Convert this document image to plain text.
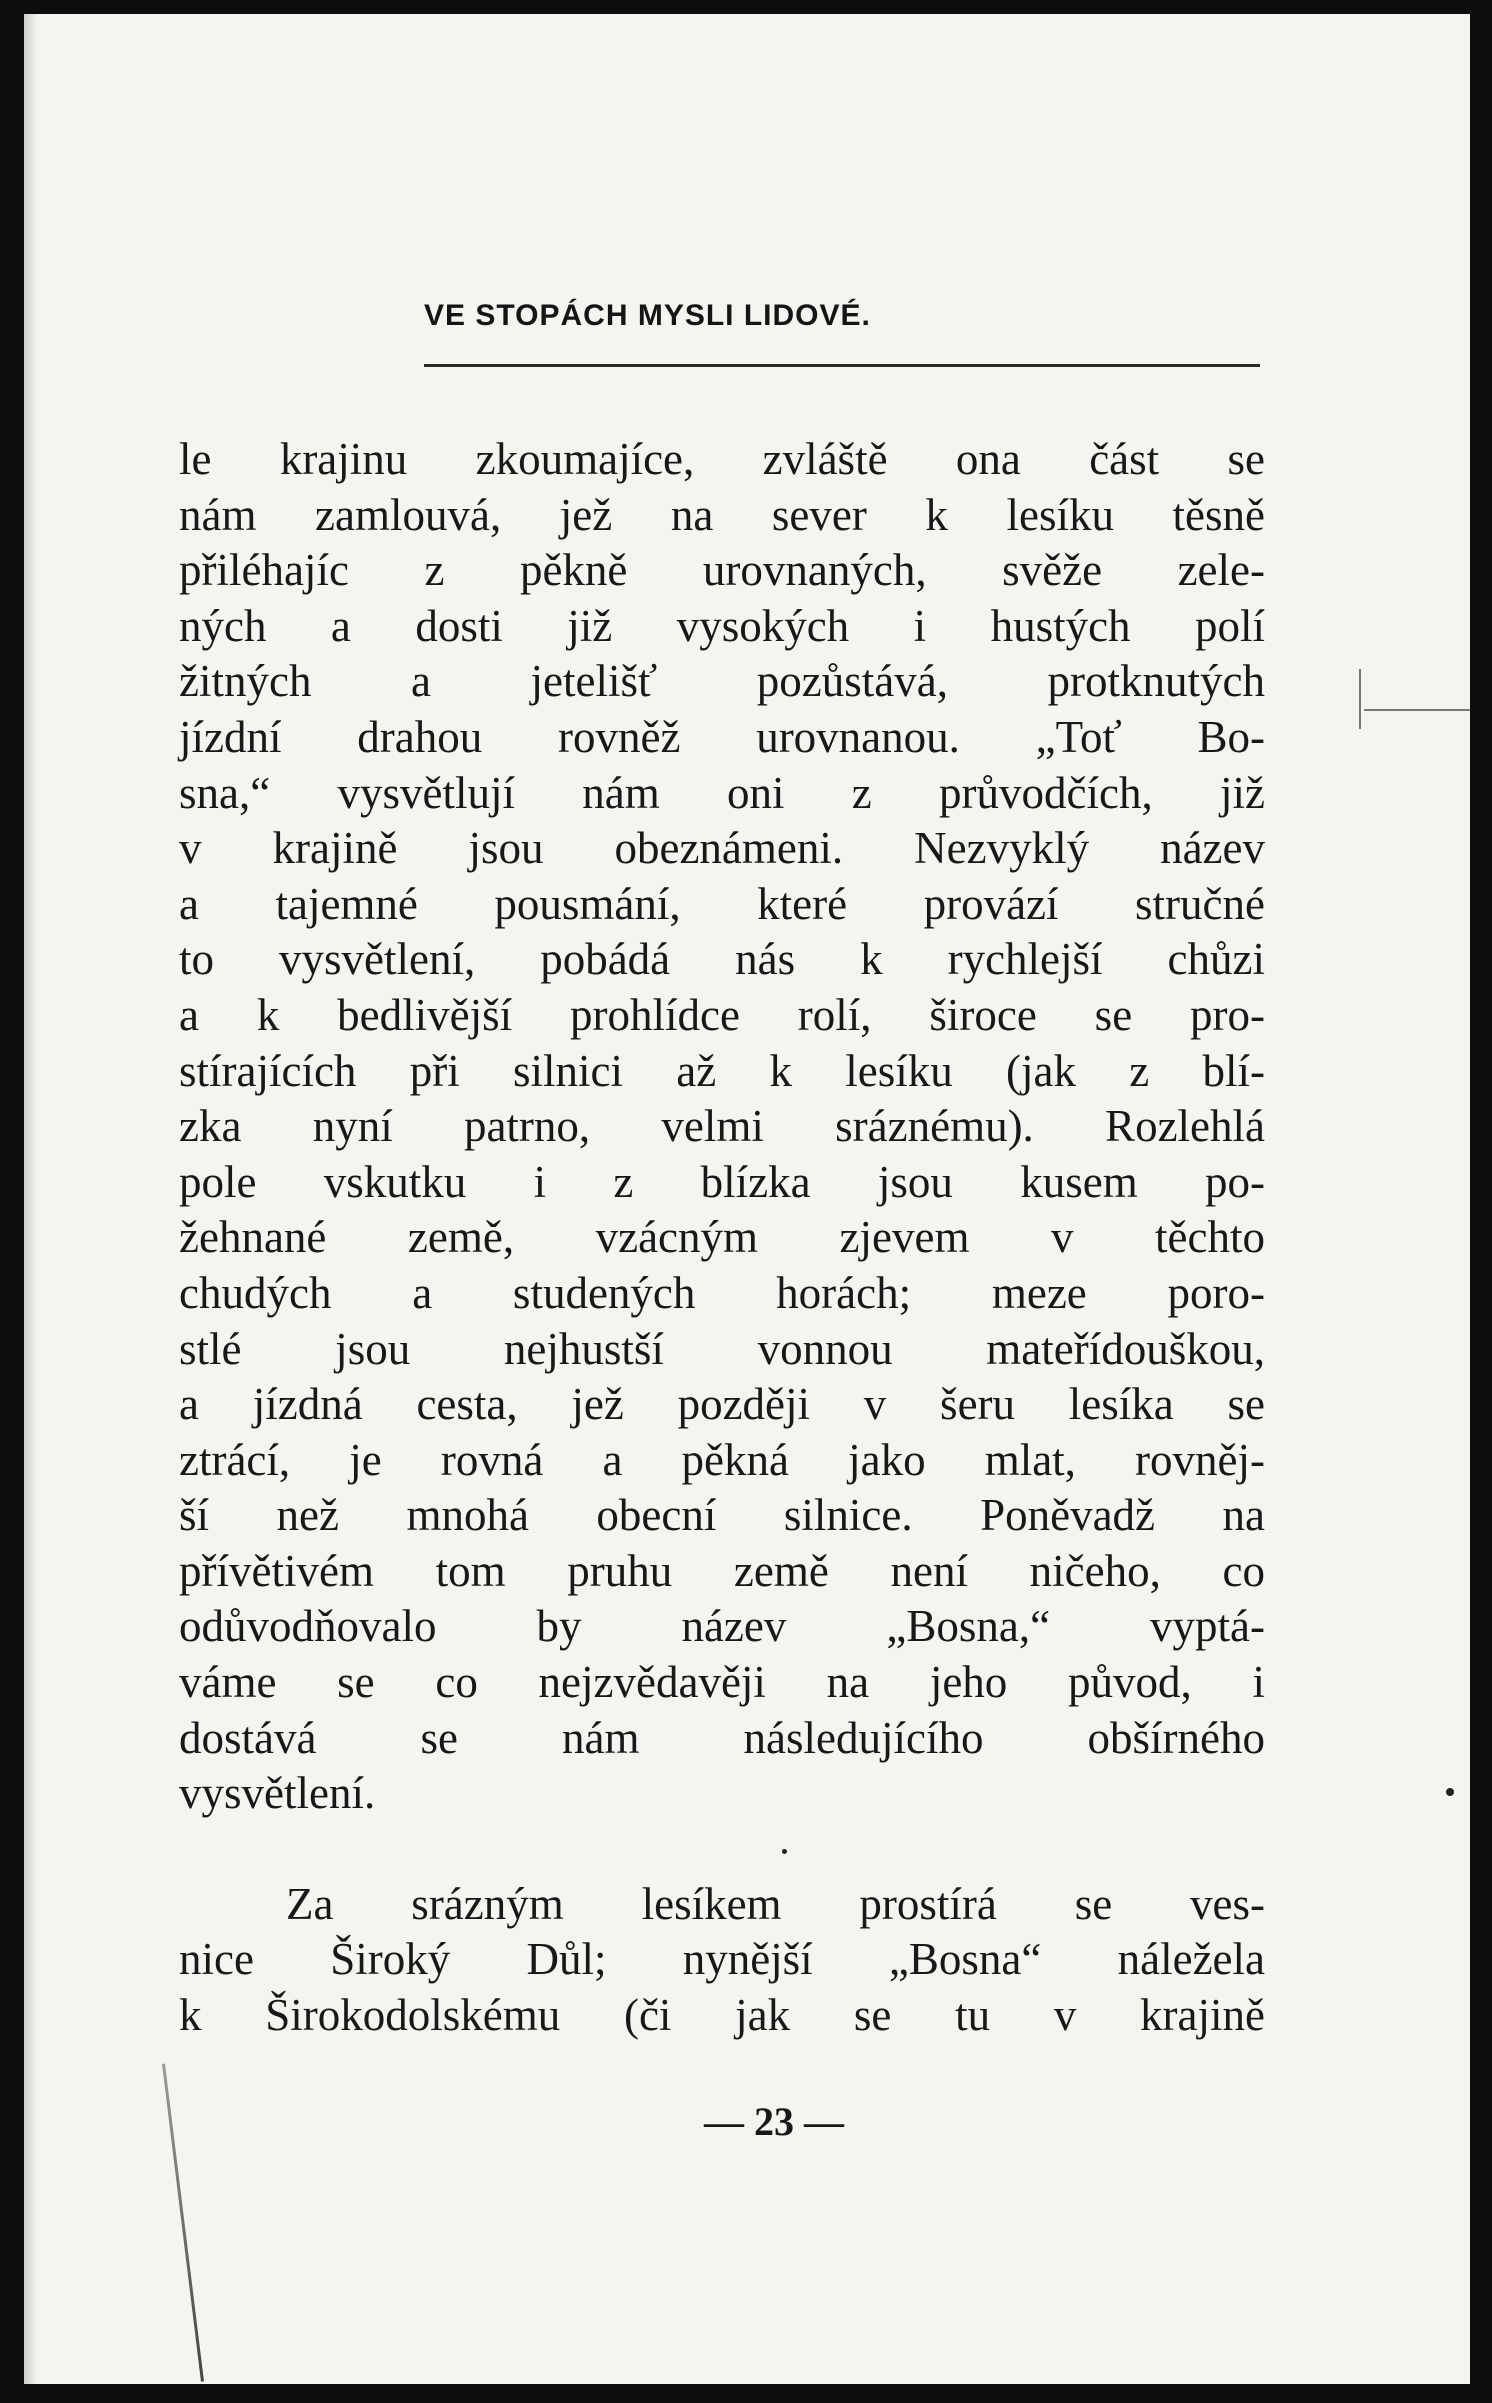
VE STOPÁCH MYSLI LIDOVÉ.
le krajinu zkoumajíce, zvláště ona část se
nám zamlouvá, jež na sever k lesíku těsně
přiléhajíc z pěkně urovnaných, svěže zele-
ných a dosti již vysokých i hustých polí
žitných a jetelišť pozůstává, protknutých
jízdní drahou rovněž urovnanou. „Toť Bo-
sna,“ vysvětlují nám oni z průvodčích, již
v krajině jsou obeznámeni. Nezvyklý název
a tajemné pousmání, které provází stručné
to vysvětlení, pobádá nás k rychlejší chůzi
a k bedlivější prohlídce rolí, široce se pro-
stírajících při silnici až k lesíku (jak z blí-
zka nyní patrno, velmi sráznému). Rozlehlá
pole vskutku i z blízka jsou kusem po-
žehnané země, vzácným zjevem v těchto
chudých a studených horách; meze poro-
stlé jsou nejhustší vonnou mateřídouškou,
a jízdná cesta, jež později v šeru lesíka se
ztrácí, je rovná a pěkná jako mlat, rovněj-
ší než mnohá obecní silnice. Poněvadž na
přívětivém tom pruhu země není ničeho, co
odůvodňovalo by název „Bosna,“ vyptá-
váme se co nejzvědavěji na jeho původ, i
dostává se nám následujícího obšírného
vysvětlení.
Za srázným lesíkem prostírá se ves-
nice Široký Důl; nynější „Bosna“ náležela
k Širokodolskému (či jak se tu v krajině
— 23 —
